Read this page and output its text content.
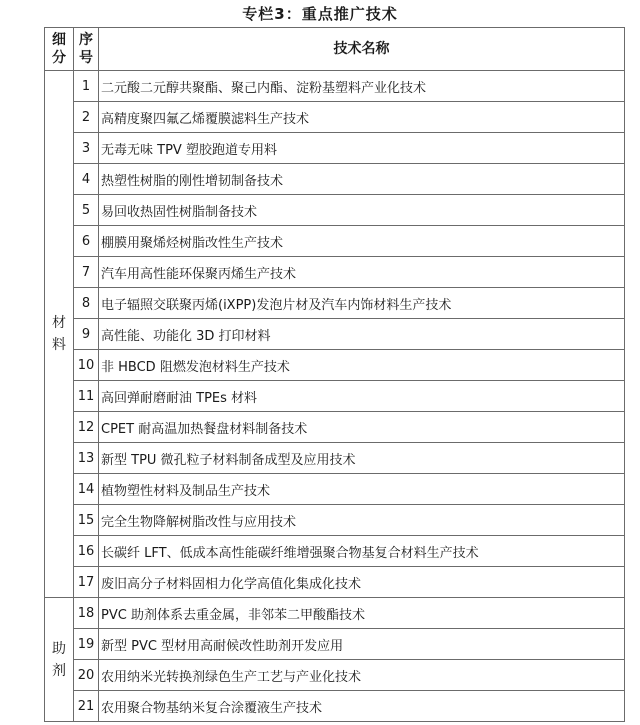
专栏3：重点推广技术
细分	序号	技术名称
材料	1	二元酸二元醇共聚酯、聚己内酯、淀粉基塑料产业化技术
	2	高精度聚四氟乙烯覆膜滤料生产技术
	3	无毒无味 TPV 塑胶跑道专用料
	4	热塑性树脂的刚性增韧制备技术
	5	易回收热固性树脂制备技术
	6	棚膜用聚烯烃树脂改性生产技术
	7	汽车用高性能环保聚丙烯生产技术
	8	电子辐照交联聚丙烯(iXPP)发泡片材及汽车内饰材料生产技术
	9	高性能、功能化 3D 打印材料
	10	非 HBCD 阻燃发泡材料生产技术
	11	高回弹耐磨耐油 TPEs 材料
	12	CPET 耐高温加热餐盘材料制备技术
	13	新型 TPU 微孔粒子材料制备成型及应用技术
	14	植物塑性材料及制品生产技术
	15	完全生物降解树脂改性与应用技术
	16	长碳纤 LFT、低成本高性能碳纤维增强聚合物基复合材料生产技术
	17	废旧高分子材料固相力化学高值化集成化技术
助剂	18	PVC 助剂体系去重金属，非邻苯二甲酸酯技术
	19	新型 PVC 型材用高耐候改性助剂开发应用
	20	农用纳米光转换剂绿色生产工艺与产业化技术
	21	农用聚合物基纳米复合涂覆液生产技术
